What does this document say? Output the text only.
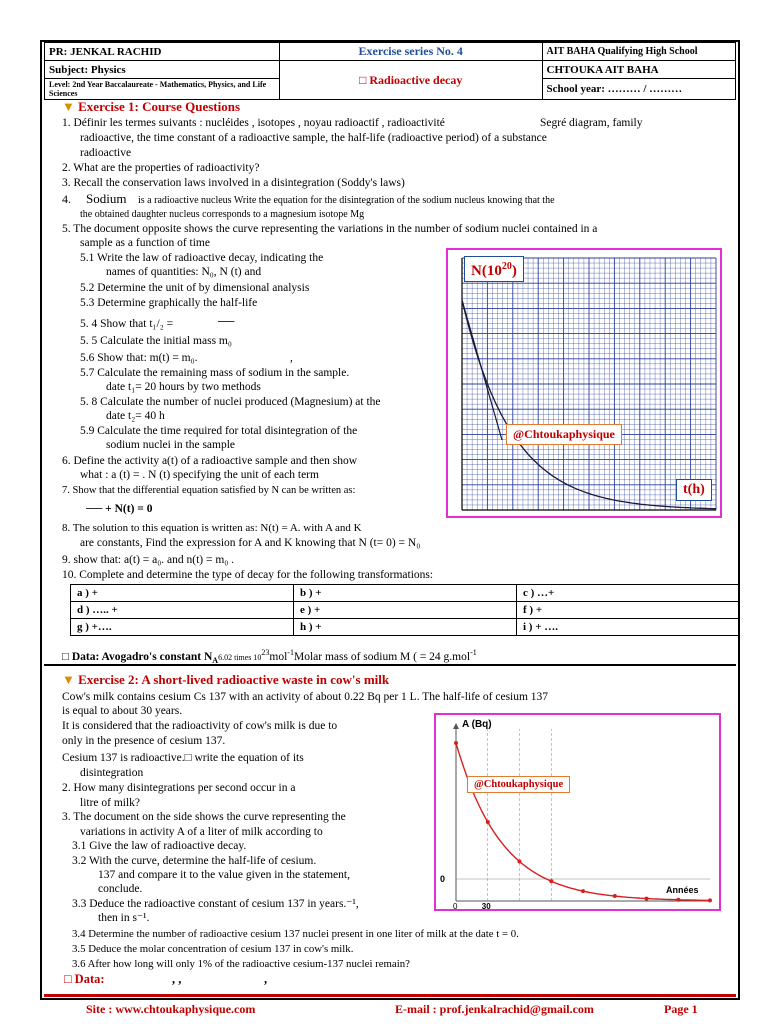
PR: JENKAL RACHID	Exercise series No. 4	AIT BAHA Qualifying High School
Subject: Physics	□ Radioactive decay	CHTOUKA AIT BAHA
Level: 2nd Year Baccalaureate - Mathematics, Physics, and Life Sciences		School year: ……… / ………
▼ Exercise 1: Course Questions
1. Définir les termes suivants : nucléides , isotopes , noyau radioactif , radioactivité	Segré diagram, family
radioactive, the time constant of a radioactive sample, the half-life (radioactive period) of a substance
radioactive
2. What are the properties of radioactivity?
3. Recall the conservation laws involved in a disintegration (Soddy's laws)
4. Sodium is a radioactive nucleus Write the equation for the disintegration of the sodium nucleus knowing that the
the obtained daughter nucleus corresponds to a magnesium isotope Mg
5. The document opposite shows the curve representing the variations in the number of sodium nuclei contained in a
sample as a function of time
5.1 Write the law of radioactive decay, indicating the
names of quantities: N₀, N (t) and
5.2 Determine the unit of by dimensional analysis
5.3 Determine graphically the half-life
5. 4 Show that t₁/₂ =	──
5. 5 Calculate the initial mass m₀
5.6 Show that: m(t) = m₀.	,
5.7 Calculate the remaining mass of sodium in the sample.
date t₁= 20 hours by two methods
5. 8 Calculate the number of nuclei produced (Magnesium) at the
date t₂= 40 h
5.9 Calculate the time required for total disintegration of the
sodium nuclei in the sample
6. Define the activity a(t) of a radioactive sample and then show
what : a (t) = . N (t) specifying the unit of each term
7. Show that the differential equation satisfied by N can be written as:
── + N(t) = 0
8. The solution to this equation is written as: N(t) = A. with A and K
are constants, Find the expression for A and K knowing that N (t= 0) = N₀
9. show that: a(t) = a₀. and n(t) = m₀ .
10. Complete and determine the type of decay for the following transformations:
a ) +	b ) +	c ) …+
d ) ….. +	e ) +	f ) +
g ) +….	h ) +	i ) + ….
□ Data: Avogadro's constant $N_A6.02$ times $10^{23}mol^{-1}Molar$ mass of sodium M ( = 24 g.mol$^{-1}$
$N(10^{20})$
t(h)
@Chtoukaphysique
▼ Exercise 2: A short-lived radioactive waste in cow's milk
Cow's milk contains cesium Cs 137 with an activity of about 0.22 Bq per 1 L. The half-life of cesium 137
is equal to about 30 years.
It is considered that the radioactivity of cow's milk is due to
only in the presence of cesium 137.
Cesium 137 is radioactive.□ write the equation of its
disintegration
2. How many disintegrations per second occur in a
litre of milk?
3. The document on the side shows the curve representing the
variations in activity A of a liter of milk according to
3.1 Give the law of radioactive decay.
3.2 With the curve, determine the half-life of cesium.
137 and compare it to the value given in the statement,
conclude.
3.3 Deduce the radioactive constant of cesium 137 in years.⁻¹,
then in s⁻¹.
3.4 Determine the number of radioactive cesium 137 nuclei present in one liter of milk at the date t = 0.
3.5 Deduce the molar concentration of cesium 137 in cow's milk.
3.6 After how long will only 1% of the radioactive cesium-137 nuclei remain?
□ Data:	, ,	,
A (Bq)
Années
0
0	30
@Chtoukaphysique
Site : www.chtoukaphysique.com	E-mail : prof.jenkalrachid@gmail.com	Page 1
